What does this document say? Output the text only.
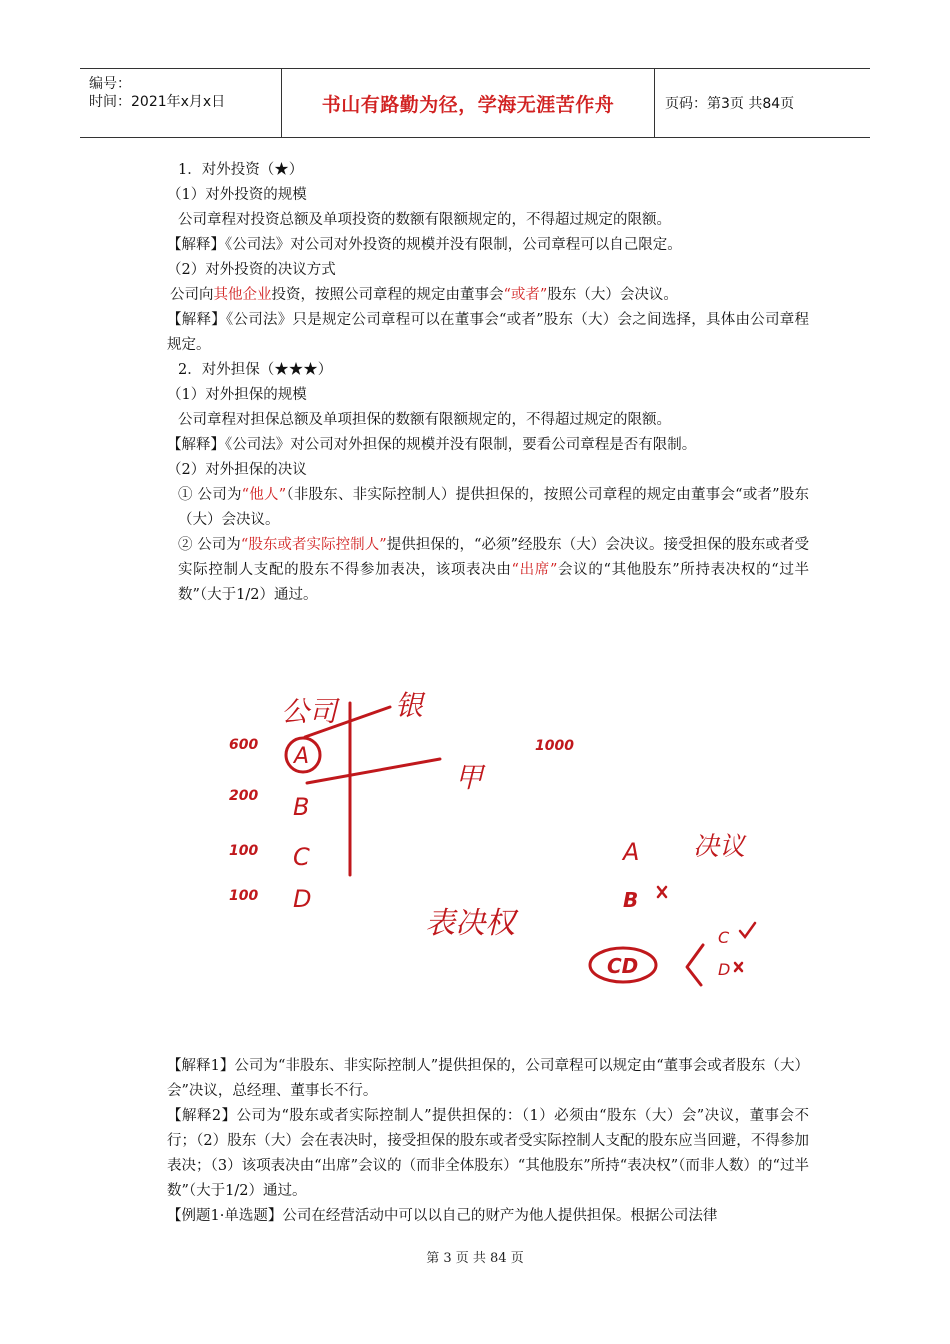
编号：
时间：2021年x月x日	书山有路勤为径，学海无涯苦作舟	页码：第3页 共84页

1．对外投资（★）

（1）对外投资的规模

公司章程对投资总额及单项投资的数额有限额规定的，不得超过规定的限额。

【解释】《公司法》对公司对外投资的规模并没有限制，公司章程可以自己限定。

（2）对外投资的决议方式

公司向其他企业投资，按照公司章程的规定由董事会“或者”股东（大）会决议。

【解释】《公司法》只是规定公司章程可以在董事会“或者”股东（大）会之间选择，具体由公司章程规定。

2．对外担保（★★★）

（1）对外担保的规模

公司章程对担保总额及单项担保的数额有限额规定的，不得超过规定的限额。

【解释】《公司法》对公司对外担保的规模并没有限制，要看公司章程是否有限制。

（2）对外担保的决议

① 公司为“他人”（非股东、非实际控制人）提供担保的，按照公司章程的规定由董事会“或者”股东（大）会决议。

② 公司为“股东或者实际控制人”提供担保的，“必须”经股东（大）会决议。接受担保的股东或者受实际控制人支配的股东不得参加表决，该项表决由“出席”会议的“其他股东”所持表决权的“过半数”（大于1/2）通过。

公司 银
甲
表决权
决议
600
200
100
100
1000
A
B
C
D
A
B
CD
C
D

【解释1】公司为“非股东、非实际控制人”提供担保的，公司章程可以规定由“董事会或者股东（大）会”决议，总经理、董事长不行。

【解释2】公司为“股东或者实际控制人”提供担保的：（1）必须由“股东（大）会”决议，董事会不行；（2）股东（大）会在表决时，接受担保的股东或者受实际控制人支配的股东应当回避，不得参加表决；（3）该项表决由“出席”会议的（而非全体股东）“其他股东”所持“表决权”（而非人数）的“过半数”（大于1/2）通过。

【例题1·单选题】公司在经营活动中可以以自己的财产为他人提供担保。根据公司法律

第 3 页 共 84 页
